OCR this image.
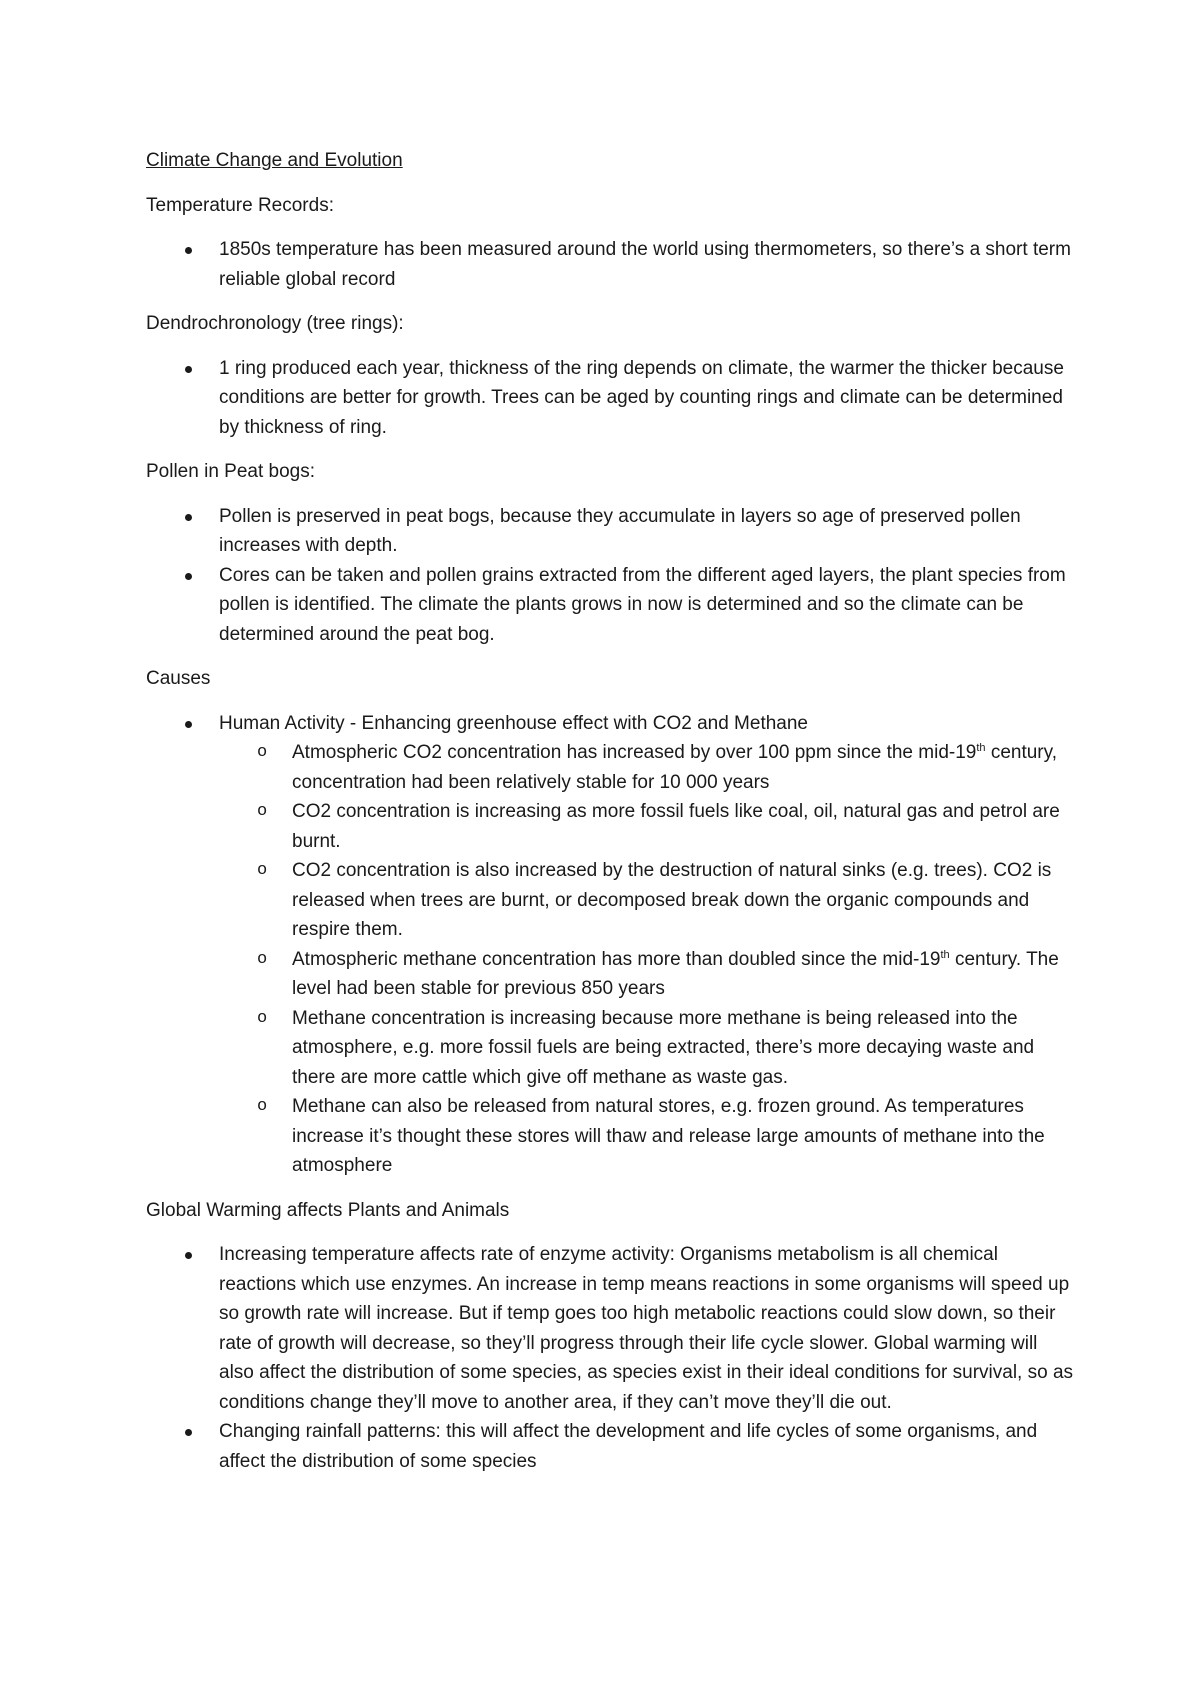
Climate Change and Evolution
Temperature Records:
1850s temperature has been measured around the world using thermometers, so there’s a short term reliable global record
Dendrochronology (tree rings):
1 ring produced each year, thickness of the ring depends on climate, the warmer the thicker because conditions are better for growth. Trees can be aged by counting rings and climate can be determined by thickness of ring.
Pollen in Peat bogs:
Pollen is preserved in peat bogs, because they accumulate in layers so age of preserved pollen increases with depth.
Cores can be taken and pollen grains extracted from the different aged layers, the plant species from pollen is identified. The climate the plants grows in now is determined and so the climate can be determined around the peat bog.
Causes
Human Activity - Enhancing greenhouse effect with CO2 and Methane
o Atmospheric CO2 concentration has increased by over 100 ppm since the mid-19th century, concentration had been relatively stable for 10 000 years
o CO2 concentration is increasing as more fossil fuels like coal, oil, natural gas and petrol are burnt.
o CO2 concentration is also increased by the destruction of natural sinks (e.g. trees). CO2 is released when trees are burnt, or decomposed break down the organic compounds and respire them.
o Atmospheric methane concentration has more than doubled since the mid-19th century. The level had been stable for previous 850 years
o Methane concentration is increasing because more methane is being released into the atmosphere, e.g. more fossil fuels are being extracted, there’s more decaying waste and there are more cattle which give off methane as waste gas.
o Methane can also be released from natural stores, e.g. frozen ground. As temperatures increase it’s thought these stores will thaw and release large amounts of methane into the atmosphere
Global Warming affects Plants and Animals
Increasing temperature affects rate of enzyme activity: Organisms metabolism is all chemical reactions which use enzymes. An increase in temp means reactions in some organisms will speed up so growth rate will increase. But if temp goes too high metabolic reactions could slow down, so their rate of growth will decrease, so they’ll progress through their life cycle slower. Global warming will also affect the distribution of some species, as species exist in their ideal conditions for survival, so as conditions change they’ll move to another area, if they can’t move they’ll die out.
Changing rainfall patterns: this will affect the development and life cycles of some organisms, and affect the distribution of some species
